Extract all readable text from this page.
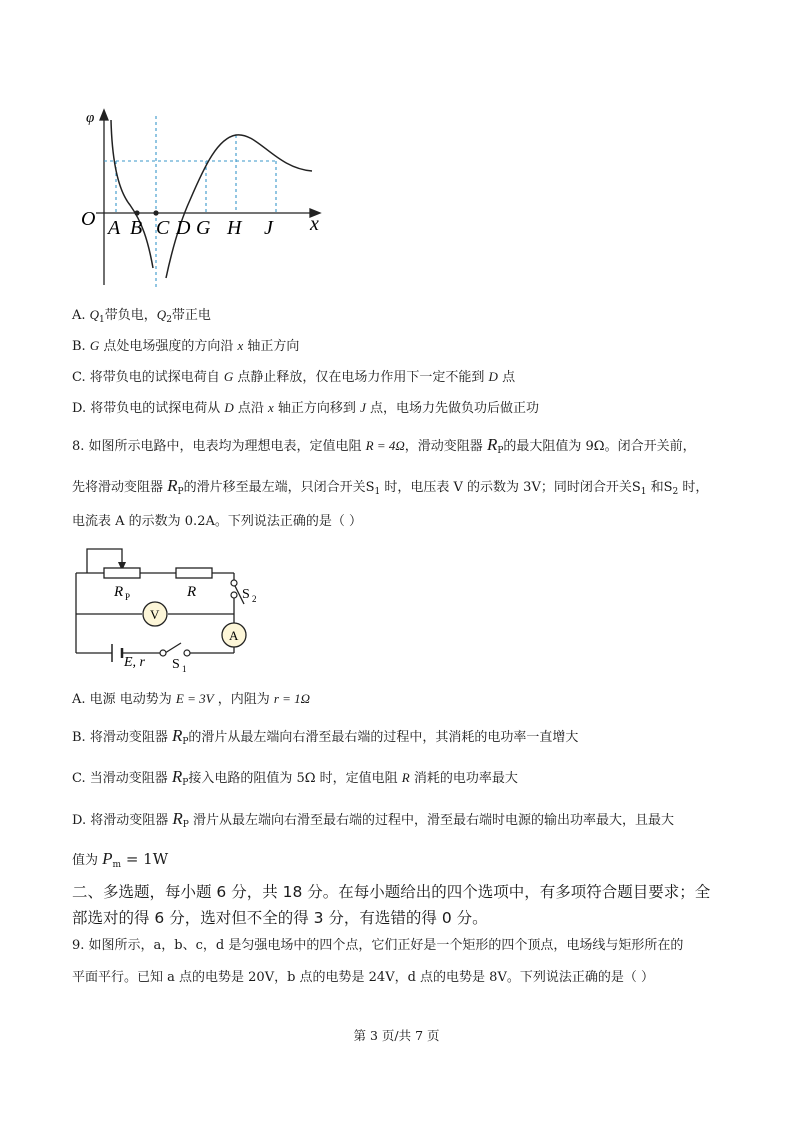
φ
O	x
A B C D G H J
A. $Q_1$带负电，$Q_2$带正电
B. G 点处电场强度的方向沿 x 轴正方向
C. 将带负电的试探电荷自 G 点静止释放，仅在电场力作用下一定不能到 D 点
D. 将带负电的试探电荷从 D 点沿 x 轴正方向移到 J 点，电场力先做负功后做正功
8. 如图所示电路中，电表均为理想电表，定值电阻 R = 4Ω，滑动变阻器 $R_P$的最大阻值为 9Ω。闭合开关前，
先将滑动变阻器 $R_P$的滑片移至最左端，只闭合开关$S_1$ 时，电压表 V 的示数为 3V；同时闭合开关$S_1$ 和$S_2$ 时，
电流表 A 的示数为 0.2A。下列说法正确的是（ ）
R P	R
V
A
S 2
S 1
E, r
A. 电源 电动势为 E = 3V ，内阻为 r = 1Ω
B. 将滑动变阻器 $R_P$的滑片从最左端向右滑至最右端的过程中，其消耗的电功率一直增大
C. 当滑动变阻器 $R_P$接入电路的阻值为 5Ω 时，定值电阻 R 消耗的电功率最大
D. 将滑动变阻器 $R_P$ 滑片从最左端向右滑至最右端的过程中，滑至最右端时电源的输出功率最大，且最大
值为 $P_m = 1W$
二、多选题，每小题 6 分，共 18 分。在每小题给出的四个选项中，有多项符合题目要求；全
部选对的得 6 分，选对但不全的得 3 分，有选错的得 0 分。
9. 如图所示，a，b、c，d 是匀强电场中的四个点，它们正好是一个矩形的四个顶点，电场线与矩形所在的
平面平行。已知 a 点的电势是 20V，b 点的电势是 24V，d 点的电势是 8V。下列说法正确的是（ ）
第 3 页/共 7 页
